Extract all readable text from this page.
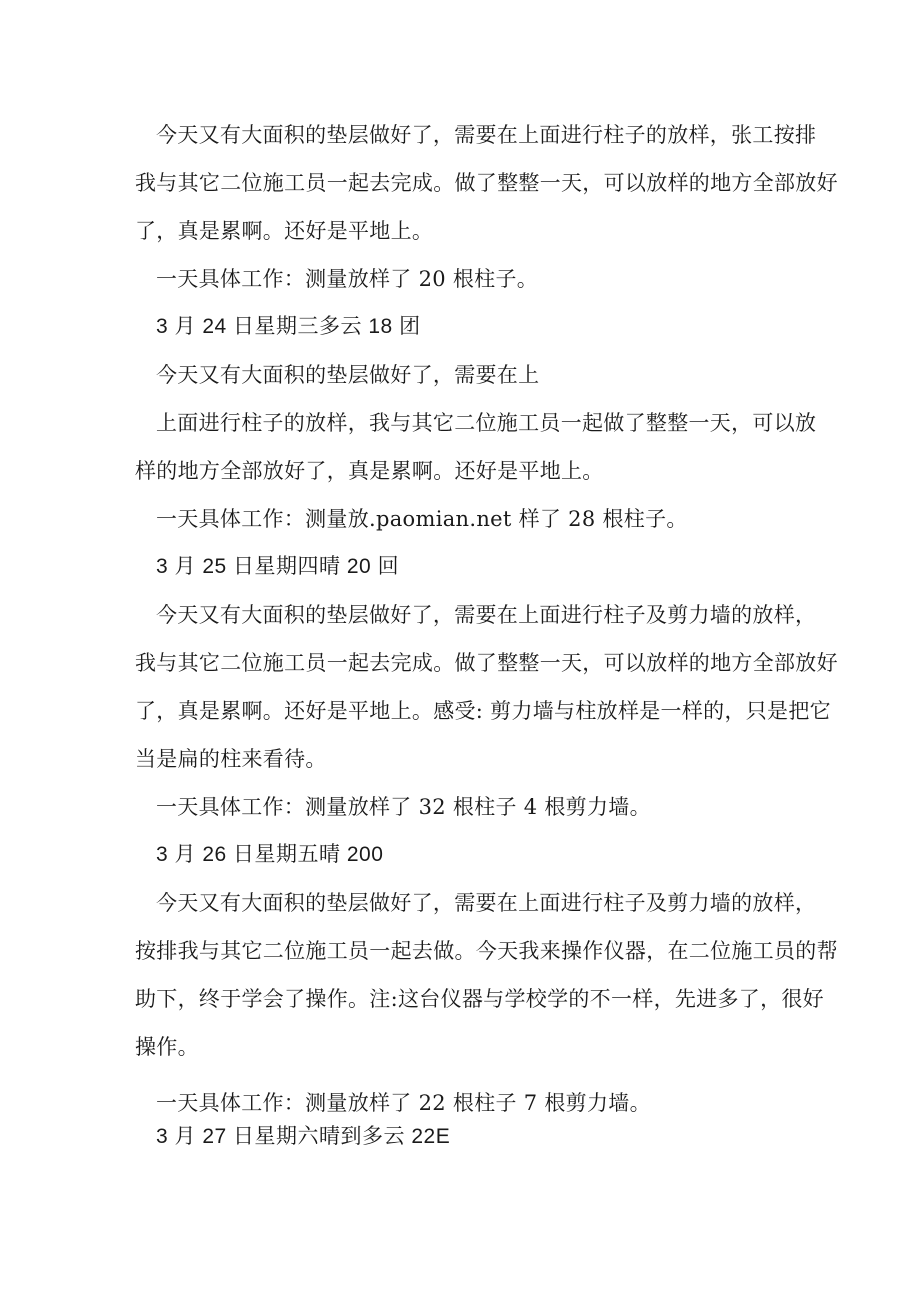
今天又有大面积的垫层做好了，需要在上面进行柱子的放样，张工按排
我与其它二位施工员一起去完成。做了整整一天，可以放样的地方全部放好
了，真是累啊。还好是平地上。
一天具体工作：测量放样了 20 根柱子。
3 月 24 日星期三多云 18 团
今天又有大面积的垫层做好了，需要在上
上面进行柱子的放样，我与其它二位施工员一起做了整整一天，可以放
样的地方全部放好了，真是累啊。还好是平地上。
一天具体工作：测量放.paomian.net 样了 28 根柱子。
3 月 25 日星期四晴 20 回
今天又有大面积的垫层做好了，需要在上面进行柱子及剪力墙的放样，
我与其它二位施工员一起去完成。做了整整一天，可以放样的地方全部放好
了，真是累啊。还好是平地上。感受: 剪力墙与柱放样是一样的，只是把它
当是扁的柱来看待。
一天具体工作：测量放样了 32 根柱子 4 根剪力墙。
3 月 26 日星期五晴 200
今天又有大面积的垫层做好了，需要在上面进行柱子及剪力墙的放样，
按排我与其它二位施工员一起去做。今天我来操作仪器，在二位施工员的帮
助下，终于学会了操作。注:这台仪器与学校学的不一样，先进多了，很好
操作。
一天具体工作：测量放样了 22 根柱子 7 根剪力墙。
3 月 27 日星期六晴到多云 22E
